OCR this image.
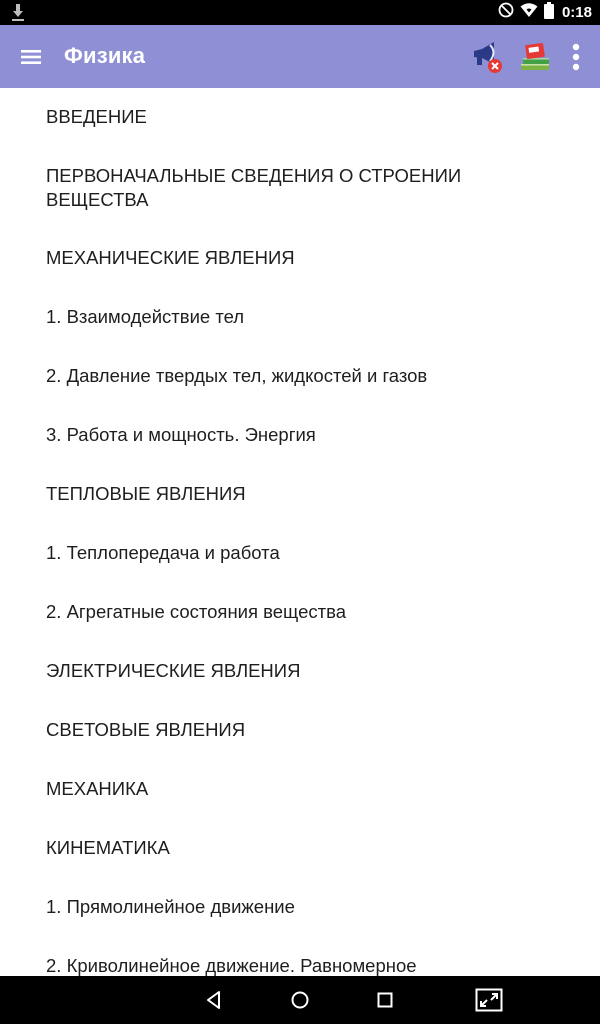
0:18
Физика
ВВЕДЕНИЕ
ПЕРВОНАЧАЛЬНЫЕ СВЕДЕНИЯ О СТРОЕНИИ ВЕЩЕСТВА
МЕХАНИЧЕСКИЕ ЯВЛЕНИЯ
1. Взаимодействие тел
2. Давление твердых тел, жидкостей и газов
3. Работа и мощность. Энергия
ТЕПЛОВЫЕ ЯВЛЕНИЯ
1. Теплопередача и работа
2. Агрегатные состояния вещества
ЭЛЕКТРИЧЕСКИЕ ЯВЛЕНИЯ
СВЕТОВЫЕ ЯВЛЕНИЯ
МЕХАНИКА
КИНЕМАТИКА
1. Прямолинейное движение
2. Криволинейное движение. Равномерное
